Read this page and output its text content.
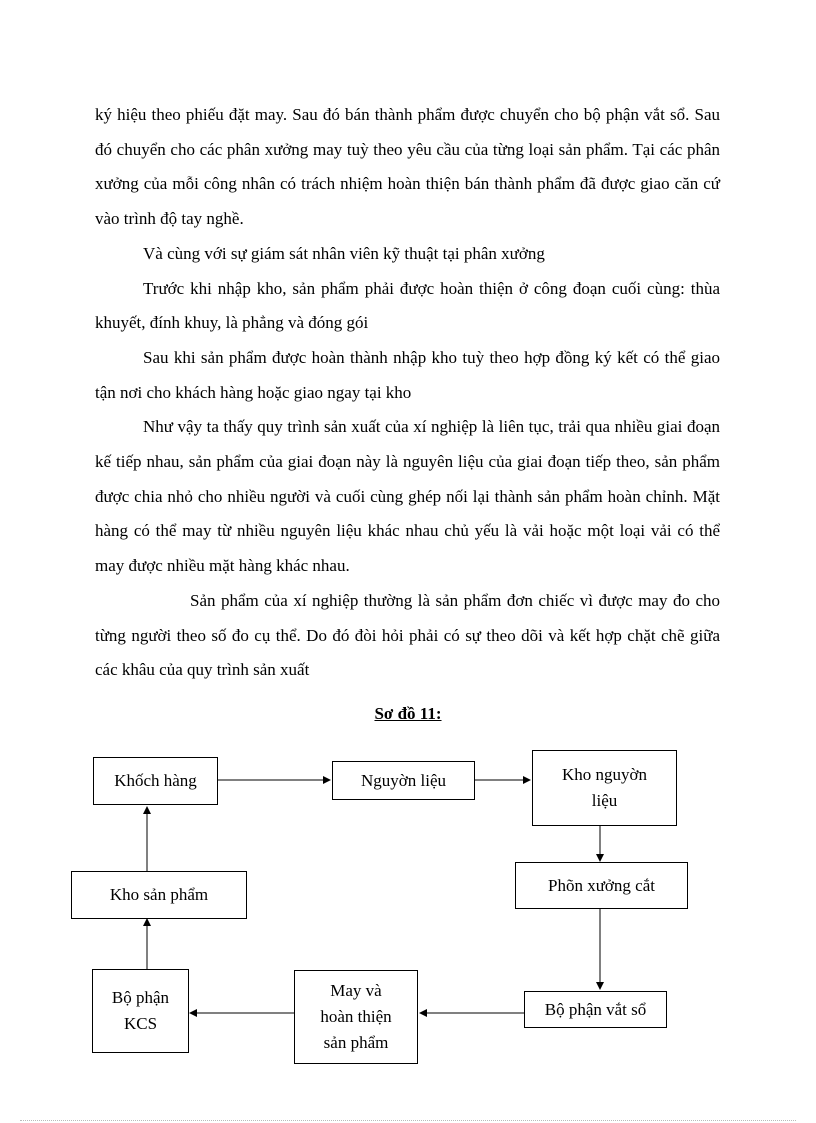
ký hiệu theo phiếu đặt may. Sau đó bán thành phẩm được chuyển cho bộ phận vắt sổ. Sau đó chuyển cho các phân xưởng may tuỳ theo yêu cầu của từng loại sản phẩm. Tại các phân xưởng của mỗi công nhân có trách nhiệm hoàn thiện bán thành phẩm đã được giao căn cứ vào trình độ tay nghề.

Và cùng với sự giám sát nhân viên kỹ thuật tại phân xưởng

Trước khi nhập kho, sản phẩm phải được hoàn thiện ở công đoạn cuối cùng: thùa khuyết, đính khuy, là phẳng và đóng gói

Sau khi sản phẩm được hoàn thành nhập kho tuỳ theo hợp đồng ký kết có thể giao tận nơi cho khách hàng hoặc giao ngay tại kho

Như vậy ta thấy quy trình sản xuất của xí nghiệp là liên tục, trải qua nhiều giai đoạn kế tiếp nhau, sản phẩm của giai đoạn này là nguyên liệu của giai đoạn tiếp theo, sản phẩm được chia nhỏ cho nhiều người và cuối cùng ghép nối lại thành sản phẩm hoàn chỉnh. Mặt hàng có thể may từ nhiều nguyên liệu khác nhau chủ yếu là vải hoặc một loại vải có thể may được nhiều mặt hàng khác nhau.

Sản phẩm của xí nghiệp thường là sản phẩm đơn chiếc vì được may đo cho từng người theo số đo cụ thể. Do đó đòi hỏi phải có sự theo dõi và kết hợp chặt chẽ giữa các khâu của quy trình sản xuất

Sơ đồ 11:
Khốch hàng	Nguyờn liệu	Kho nguyờn
liệu
Phõn xưởng cắt
Bộ phận vắt sổ
May và
hoàn thiện
sản phẩm
Bộ phận
KCS
Kho sản phẩm
